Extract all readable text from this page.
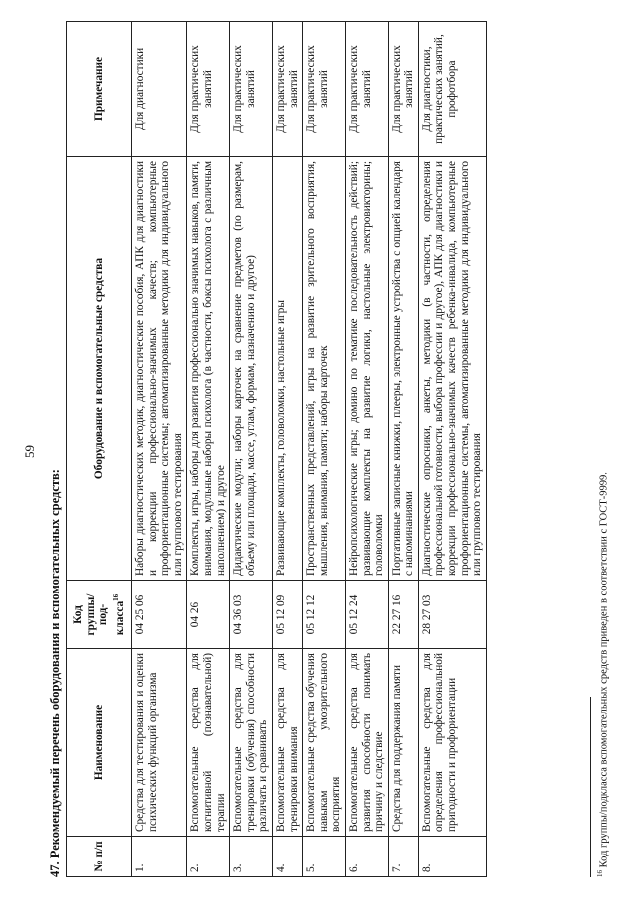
59
47. Рекомендуемый перечень оборудования и вспомогательных средств:	№ п/п	Наименование	Код группы/под-класса$^{16}$	Оборудование и вспомогательные средства	Примечание
1.	Средства для тестирования и оценки психических функций организма	04 25 06	Наборы диагностических методик, диагностические пособия, АПК для диагностики и коррекции профессионально-значимых качеств; компьютерные профориентационные системы; автоматизированные методики для индивидуального или группового тестирования	Для диагностики
2.	Вспомогательные средства для когнитивной (познавательной) терапии	04 26	Комплекты, игры, наборы для развития профессионально значимых навыков, памяти, внимания, модульные наборы психолога (в частности, боксы психолога с различным наполнением) и другое	Для практических занятий
3.	Вспомогательные средства для тренировки (обучения) способности различать и сравнивать	04 36 03	Дидактические модули; наборы карточек на сравнение предметов (по размерам, объему или площади, массе, углам, формам, назначению и другое)	Для практических занятий
4.	Вспомогательные средства для тренировки внимания	05 12 09	Развивающие комплекты, головоломки, настольные игры	Для практических занятий
5.	Вспомогательные средства обучения навыкам умозрительного восприятия	05 12 12	Пространственных представлений, игры на развитие зрительного восприятия, мышления, внимания, памяти; наборы карточек	Для практических занятий
6.	Вспомогательные средства для развития способности понимать причину и следствие	05 12 24	Нейропсихологические игры; домино по тематике последовательность действий; развивающие комплекты на развитие логики, настольные электровикторины; головоломки	Для практических занятий
7.	Средства для поддержания памяти	22 27 16	Портативные записные книжки, плееры, электронные устройства с опцией календаря с напоминаниями	Для практических занятий
8.	Вспомогательные средства для определения профессиональной пригодности и профориентации	28 27 03	Диагностические опросники, анкеты, методики (в частности, определения профессиональной готовности, выбора профессии и другое), АПК для диагностики и коррекции профессионально-значимых качеств ребенка-инвалида, компьютерные профориентационные системы, автоматизированные методики для индивидуального или группового тестирования	Для диагностики, практических занятий, профотбора
$^{16}$ Код группы/подкласса вспомогательных средств приведен в соответствии с ГОСТ-9999.
